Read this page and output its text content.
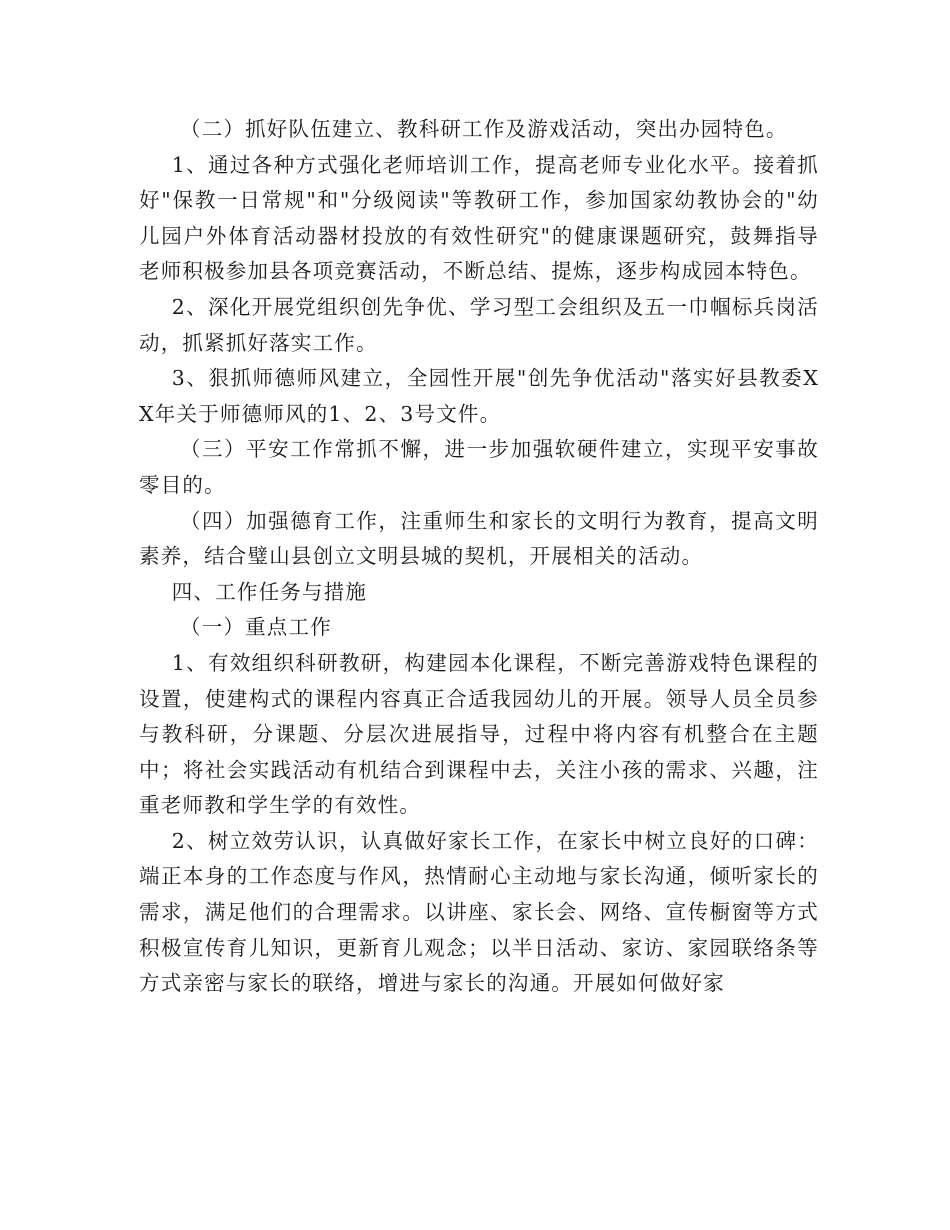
（二）抓好队伍建立、教科研工作及游戏活动，突出办园特色。

1、通过各种方式强化老师培训工作，提高老师专业化水平。接着抓好"保教一日常规"和"分级阅读"等教研工作，参加国家幼教协会的"幼儿园户外体育活动器材投放的有效性研究"的健康课题研究，鼓舞指导老师积极参加县各项竞赛活动，不断总结、提炼，逐步构成园本特色。

2、深化开展党组织创先争优、学习型工会组织及五一巾帼标兵岗活动，抓紧抓好落实工作。

3、狠抓师德师风建立，全园性开展"创先争优活动"落实好县教委XX年关于师德师风的1、2、3号文件。

（三）平安工作常抓不懈，进一步加强软硬件建立，实现平安事故零目的。

（四）加强德育工作，注重师生和家长的文明行为教育，提高文明素养，结合璧山县创立文明县城的契机，开展相关的活动。

四、工作任务与措施

（一）重点工作

1、有效组织科研教研，构建园本化课程，不断完善游戏特色课程的设置，使建构式的课程内容真正合适我园幼儿的开展。领导人员全员参与教科研，分课题、分层次进展指导，过程中将内容有机整合在主题中；将社会实践活动有机结合到课程中去，关注小孩的需求、兴趣，注重老师教和学生学的有效性。

2、树立效劳认识，认真做好家长工作，在家长中树立良好的口碑：端正本身的工作态度与作风，热情耐心主动地与家长沟通，倾听家长的需求，满足他们的合理需求。以讲座、家长会、网络、宣传橱窗等方式积极宣传育儿知识，更新育儿观念；以半日活动、家访、家园联络条等方式亲密与家长的联络，增进与家长的沟通。开展如何做好家
